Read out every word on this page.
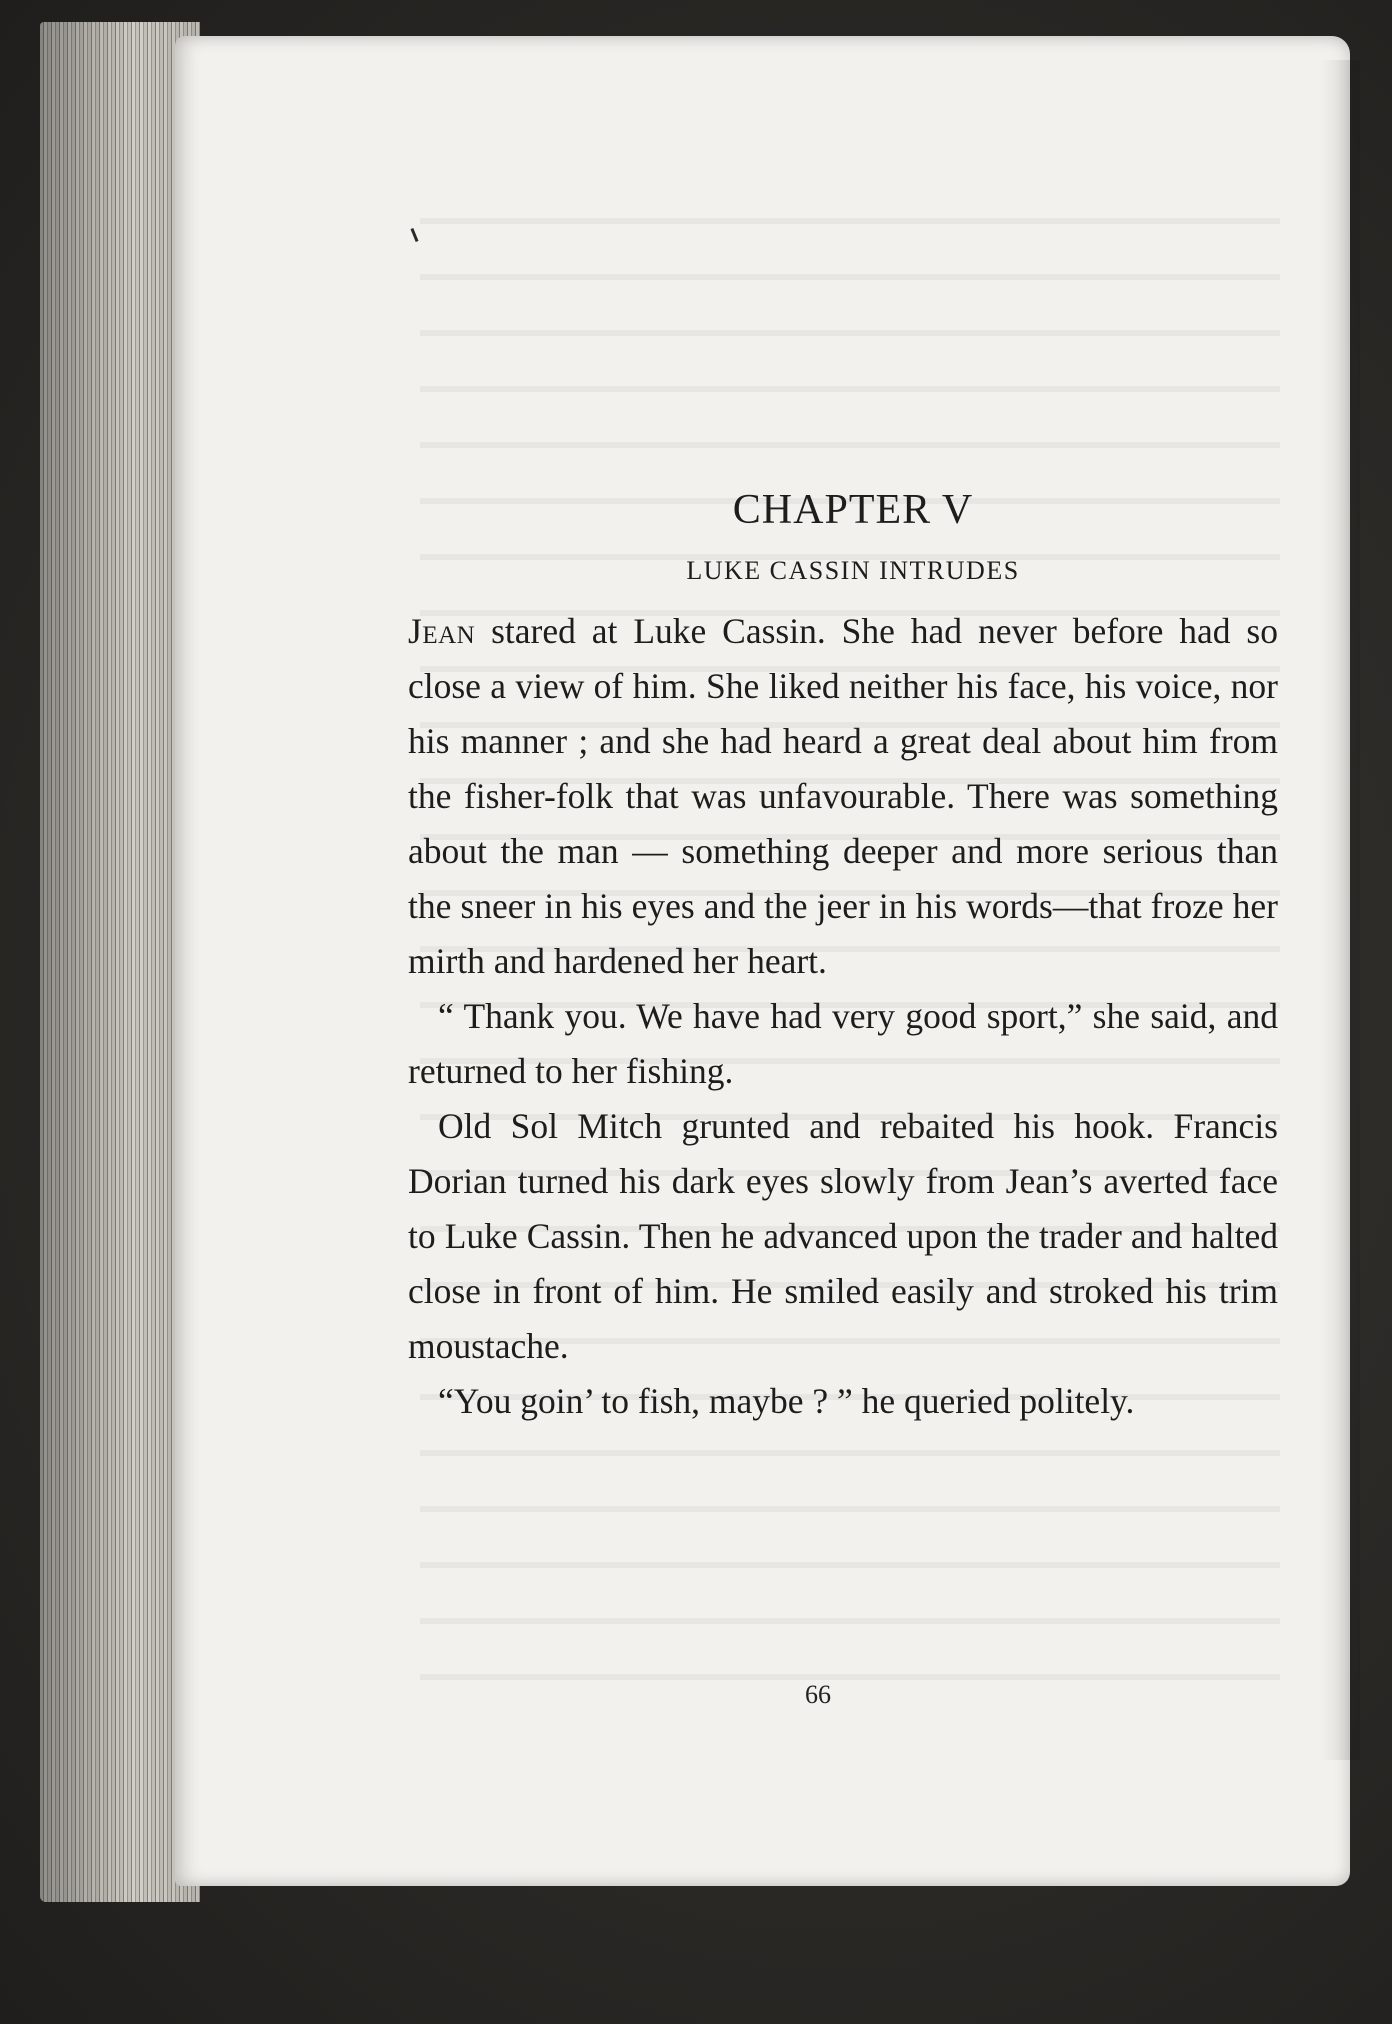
CHAPTER V
LUKE CASSIN INTRUDES

Jean stared at Luke Cassin. She had never before had so close a view of him. She liked neither his face, his voice, nor his manner ; and she had heard a great deal about him from the fisher-folk that was unfavourable. There was something about the man — something deeper and more serious than the sneer in his eyes and the jeer in his words—that froze her mirth and hardened her heart.

“ Thank you. We have had very good sport,” she said, and returned to her fishing.

Old Sol Mitch grunted and rebaited his hook. Francis Dorian turned his dark eyes slowly from Jean’s averted face to Luke Cassin. Then he advanced upon the trader and halted close in front of him. He smiled easily and stroked his trim moustache.

“You goin’ to fish, maybe ? ” he queried politely.

66
